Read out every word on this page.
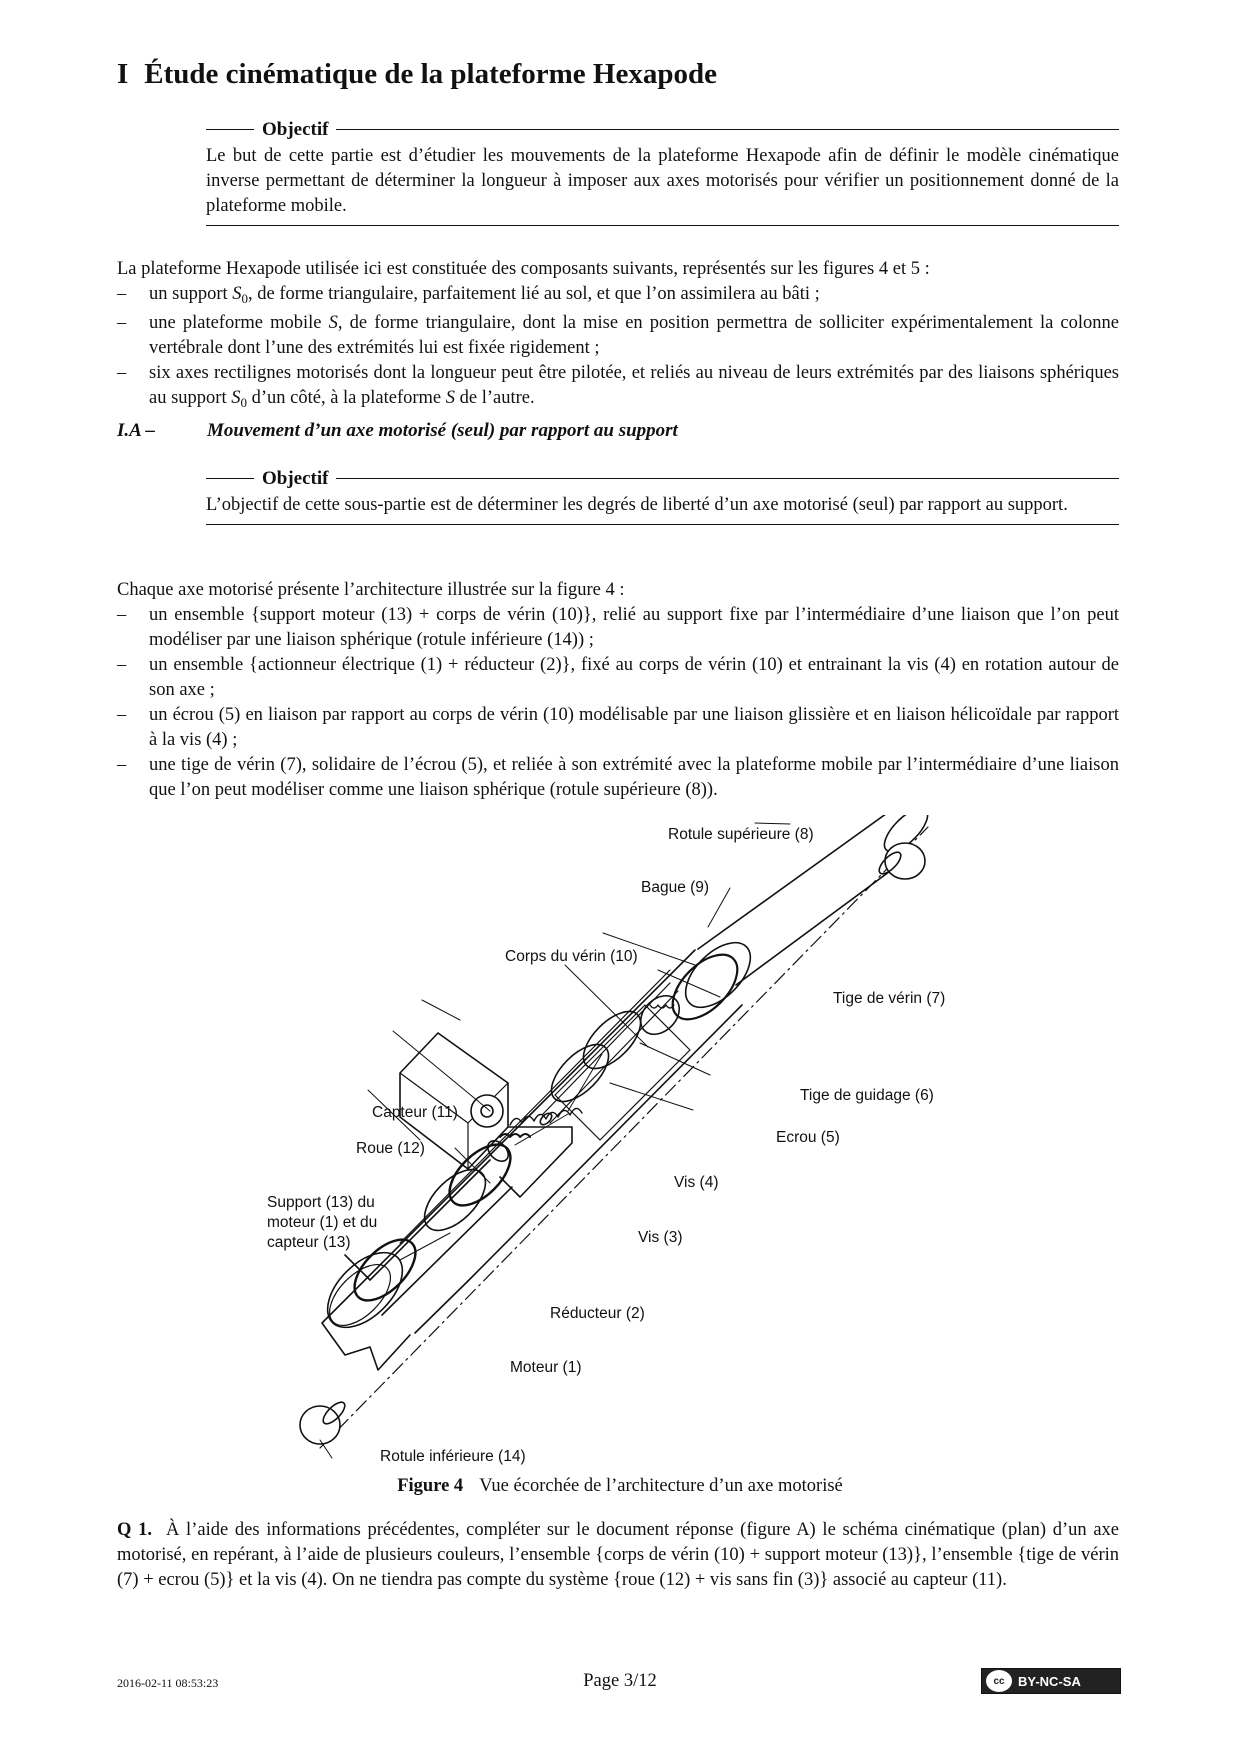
I Étude cinématique de la plateforme Hexapode
Objectif

Le but de cette partie est d’étudier les mouvements de la plateforme Hexapode afin de définir le modèle cinématique inverse permettant de déterminer la longueur à imposer aux axes motorisés pour vérifier un positionnement donné de la plateforme mobile.

La plateforme Hexapode utilisée ici est constituée des composants suivants, représentés sur les figures 4 et 5 :

– un support $S_0$, de forme triangulaire, parfaitement lié au sol, et que l’on assimilera au bâti ;
– une plateforme mobile S, de forme triangulaire, dont la mise en position permettra de solliciter expérimentalement la colonne vertébrale dont l’une des extrémités lui est fixée rigidement ;
– six axes rectilignes motorisés dont la longueur peut être pilotée, et reliés au niveau de leurs extrémités par des liaisons sphériques au support $S_0$ d’un côté, à la plateforme S de l’autre.
I.A –	Mouvement d’un axe motorisé (seul) par rapport au support
Objectif

L’objectif de cette sous-partie est de déterminer les degrés de liberté d’un axe motorisé (seul) par rapport au support.

Chaque axe motorisé présente l’architecture illustrée sur la figure 4 :

– un ensemble {support moteur (13) + corps de vérin (10)}, relié au support fixe par l’intermédiaire d’une liaison que l’on peut modéliser par une liaison sphérique (rotule inférieure (14)) ;
– un ensemble {actionneur électrique (1) + réducteur (2)}, fixé au corps de vérin (10) et entrainant la vis (4) en rotation autour de son axe ;
– un écrou (5) en liaison par rapport au corps de vérin (10) modélisable par une liaison glissière et en liaison hélicoïdale par rapport à la vis (4) ;
– une tige de vérin (7), solidaire de l’écrou (5), et reliée à son extrémité avec la plateforme mobile par l’intermédiaire d’une liaison que l’on peut modéliser comme une liaison sphérique (rotule supérieure (8)).
Rotule supérieure (8)
Bague (9)
Corps du vérin (10)
Tige de vérin (7)
Tige de guidage (6)
Ecrou (5)
Capteur (11)
Roue (12)
Vis (4)
Support (13) du
moteur (1) et du
capteur (13)	Vis (3)
Réducteur (2)
Moteur (1)
Rotule inférieure (14)
Figure 4 Vue écorchée de l’architecture d’un axe motorisé
Q 1. À l’aide des informations précédentes, compléter sur le document réponse (figure A) le schéma cinématique (plan) d’un axe motorisé, en repérant, à l’aide de plusieurs couleurs, l’ensemble {corps de vérin (10) + support moteur (13)}, l’ensemble {tige de vérin (7) + ecrou (5)} et la vis (4). On ne tiendra pas compte du système {roue (12) + vis sans fin (3)} associé au capteur (11).
2016-02-11 08:53:23	Page 3/12	cc	BY-NC-SA
